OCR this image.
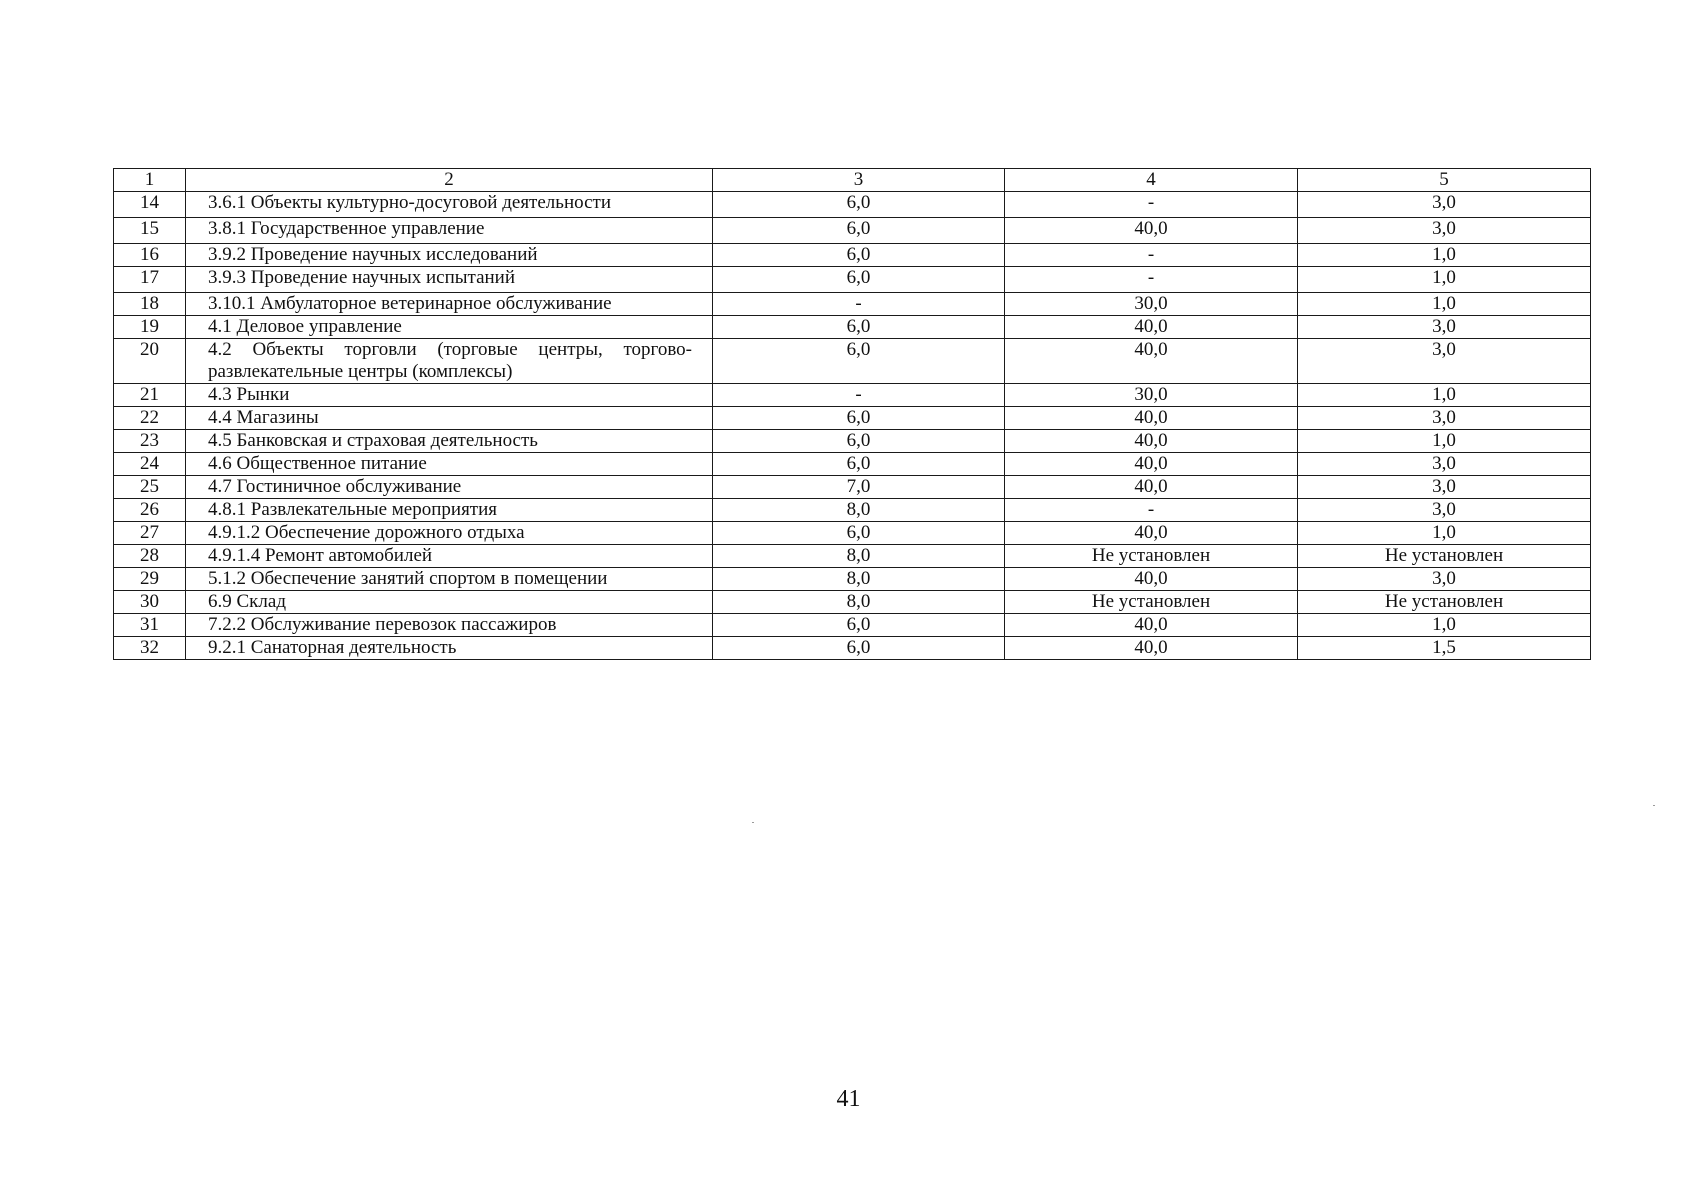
1	2	3	4	5
14	3.6.1 Объекты культурно-досуговой деятельности	6,0	-	3,0
15	3.8.1 Государственное управление	6,0	40,0	3,0
16	3.9.2 Проведение научных исследований	6,0	-	1,0
17	3.9.3 Проведение научных испытаний	6,0	-	1,0
18	3.10.1 Амбулаторное ветеринарное обслуживание	-	30,0	1,0
19	4.1 Деловое управление	6,0	40,0	3,0
20	4.2 Объекты торговли (торговые центры, торгово-развлекательные центры (комплексы)	6,0	40,0	3,0
21	4.3 Рынки	-	30,0	1,0
22	4.4 Магазины	6,0	40,0	3,0
23	4.5 Банковская и страховая деятельность	6,0	40,0	1,0
24	4.6 Общественное питание	6,0	40,0	3,0
25	4.7 Гостиничное обслуживание	7,0	40,0	3,0
26	4.8.1 Развлекательные мероприятия	8,0	-	3,0
27	4.9.1.2 Обеспечение дорожного отдыха	6,0	40,0	1,0
28	4.9.1.4 Ремонт автомобилей	8,0	Не установлен	Не установлен
29	5.1.2 Обеспечение занятий спортом в помещении	8,0	40,0	3,0
30	6.9 Склад	8,0	Не установлен	Не установлен
31	7.2.2 Обслуживание перевозок пассажиров	6,0	40,0	1,0
32	9.2.1 Санаторная деятельность	6,0	40,0	1,5
41
